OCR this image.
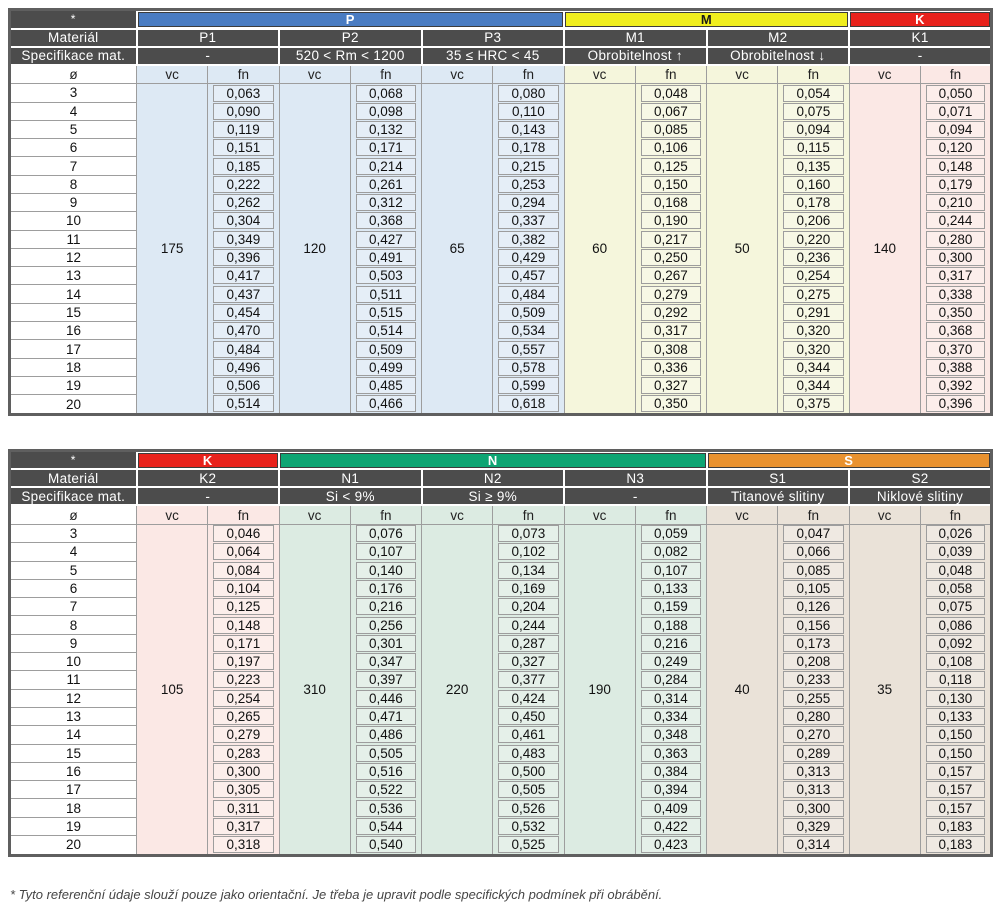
*	P						M				K	

Materiál	P1		P2		P3		M1		M2		K1	
Specifikace mat.	-		520 < Rm < 1200		35 ≤ HRC < 45		Obrobitelnost ↑		Obrobitelnost ↓		-	
ø	vc	fn	vc	fn	vc	fn	vc	fn	vc	fn	vc	fn
3	175	0,063	120	0,068	65	0,080	60	0,048	50	0,054	140	0,050

4		0,090		0,098		0,110		0,067		0,075		0,071

5		0,119		0,132		0,143		0,085		0,094		0,094

6		0,151		0,171		0,178		0,106		0,115		0,120

7		0,185		0,214		0,215		0,125		0,135		0,148

8		0,222		0,261		0,253		0,150		0,160		0,179

9		0,262		0,312		0,294		0,168		0,178		0,210

10		0,304		0,368		0,337		0,190		0,206		0,244

11		0,349		0,427		0,382		0,217		0,220		0,280

12		0,396		0,491		0,429		0,250		0,236		0,300

13		0,417		0,503		0,457		0,267		0,254		0,317

14		0,437		0,511		0,484		0,279		0,275		0,338

15		0,454		0,515		0,509		0,292		0,291		0,350

16		0,470		0,514		0,534		0,317		0,320		0,368

17		0,484		0,509		0,557		0,308		0,320		0,370

18		0,496		0,499		0,578		0,336		0,344		0,388

19		0,506		0,485		0,599		0,327		0,344		0,392

20		0,514		0,466		0,618		0,350		0,375		0,396
*	K		N						S			

Materiál	K2		N1		N2		N3		S1		S2	
Specifikace mat.	-		Si < 9%		Si ≥ 9%		-		Titanové slitiny		Niklové slitiny	
ø	vc	fn	vc	fn	vc	fn	vc	fn	vc	fn	vc	fn
3	105	0,046	310	0,076	220	0,073	190	0,059	40	0,047	35	0,026

4		0,064		0,107		0,102		0,082		0,066		0,039

5		0,084		0,140		0,134		0,107		0,085		0,048

6		0,104		0,176		0,169		0,133		0,105		0,058

7		0,125		0,216		0,204		0,159		0,126		0,075

8		0,148		0,256		0,244		0,188		0,156		0,086

9		0,171		0,301		0,287		0,216		0,173		0,092

10		0,197		0,347		0,327		0,249		0,208		0,108

11		0,223		0,397		0,377		0,284		0,233		0,118

12		0,254		0,446		0,424		0,314		0,255		0,130

13		0,265		0,471		0,450		0,334		0,280		0,133

14		0,279		0,486		0,461		0,348		0,270		0,150

15		0,283		0,505		0,483		0,363		0,289		0,150

16		0,300		0,516		0,500		0,384		0,313		0,157

17		0,305		0,522		0,505		0,394		0,313		0,157

18		0,311		0,536		0,526		0,409		0,300		0,157

19		0,317		0,544		0,532		0,422		0,329		0,183

20		0,318		0,540		0,525		0,423		0,314		0,183

* Tyto referenční údaje slouží pouze jako orientační. Je třeba je upravit podle specifických podmínek při obrábění.
